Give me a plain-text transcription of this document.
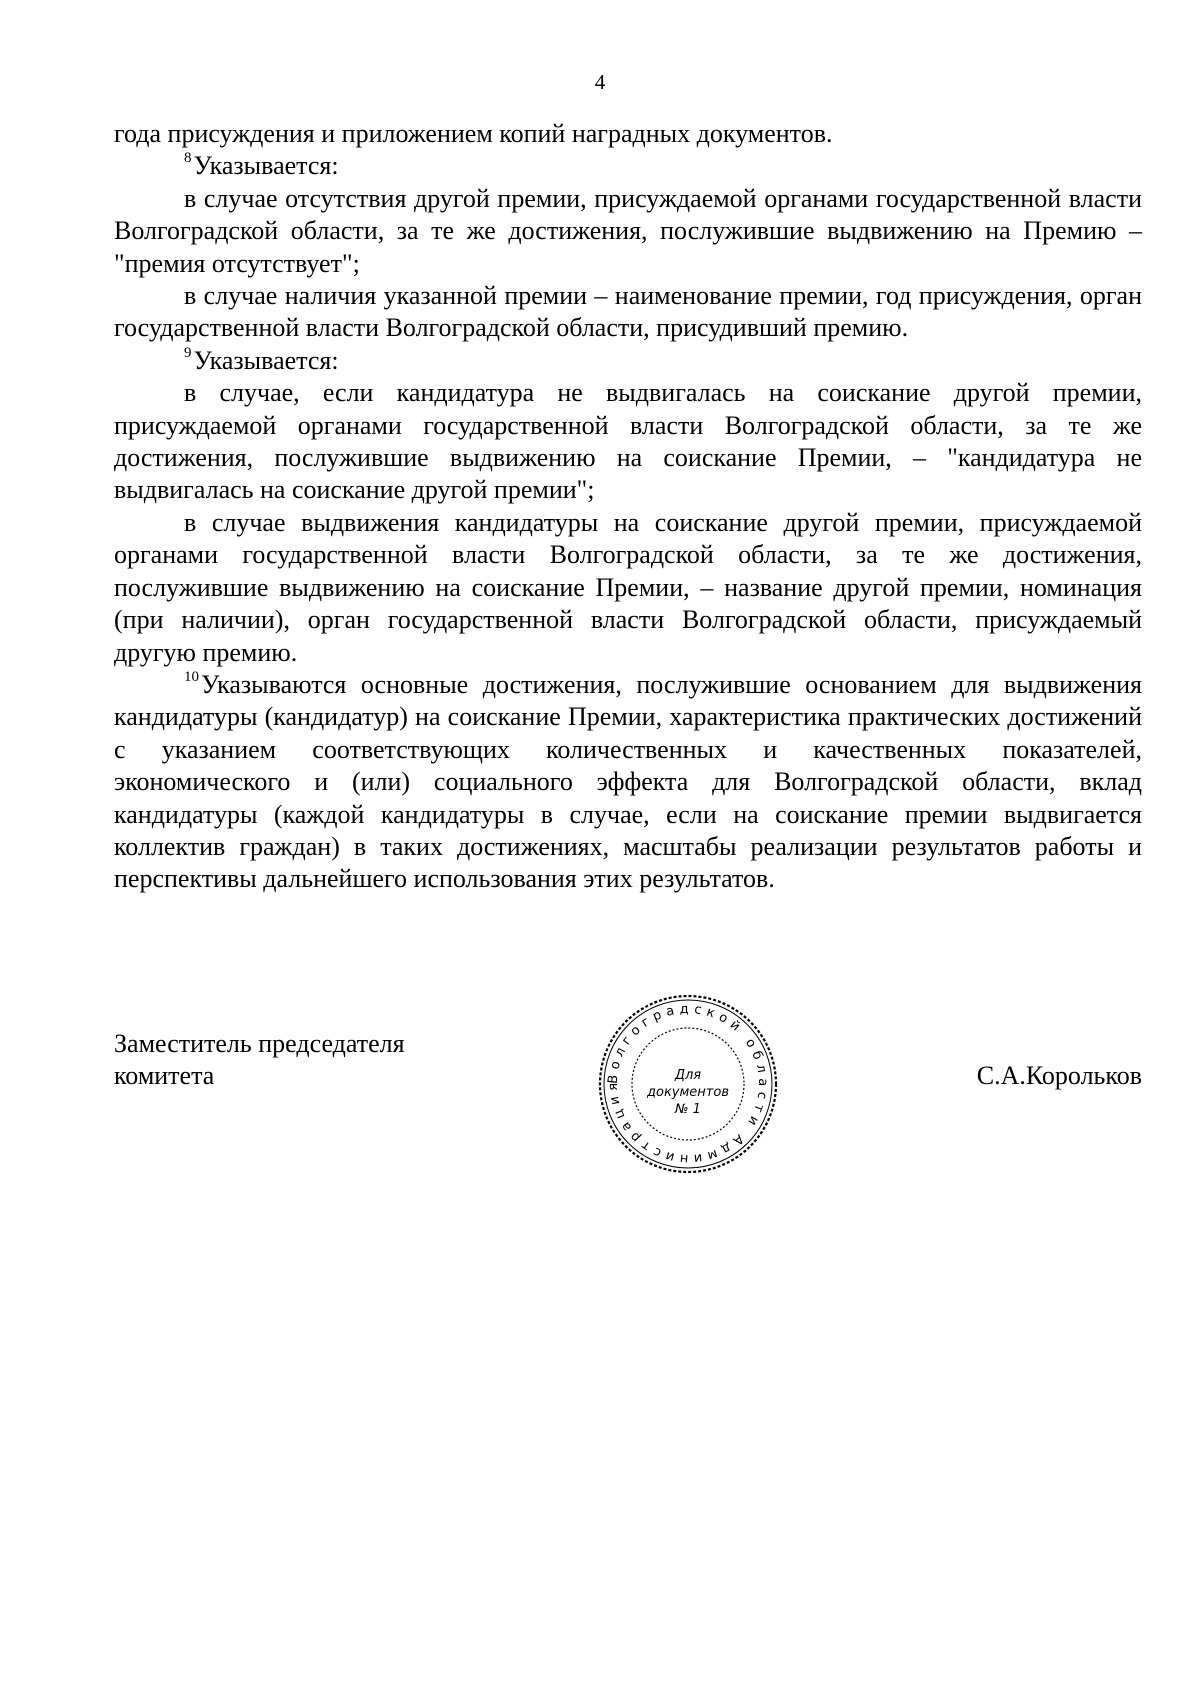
4

года присуждения и приложением копий наградных документов.

$^8$Указывается:

в случае отсутствия другой премии, присуждаемой органами государственной власти Волгоградской области, за те же достижения, послужившие выдвижению на Премию – "премия отсутствует";

в случае наличия указанной премии – наименование премии, год присуждения, орган государственной власти Волгоградской области, присудивший премию.

$^9$Указывается:

в случае, если кандидатура не выдвигалась на соискание другой премии, присуждаемой органами государственной власти Волгоградской области, за те же достижения, послужившие выдвижению на соискание Премии, – "кандидатура не выдвигалась на соискание другой премии";

в случае выдвижения кандидатуры на соискание другой премии, присуждаемой органами государственной власти Волгоградской области, за те же достижения, послужившие выдвижению на соискание Премии, – название другой премии, номинация (при наличии), орган государственной власти Волгоградской области, присуждаемый другую премию.

$^{10}$Указываются основные достижения, послужившие основанием для выдвижения кандидатуры (кандидатур) на соискание Премии, характеристика практических достижений с указанием соответствующих количественных и качественных показателей, экономического и (или) социального эффекта для Волгоградской области, вклад кандидатуры (каждой кандидатуры в случае, если на соискание премии выдвигается коллектив граждан) в таких достижениях, масштабы реализации результатов работы и перспективы дальнейшего использования этих результатов.

Заместитель председателя
комитета	Волгоградской области Администрация
Для
документов
№ 1
С.А.Корольков
